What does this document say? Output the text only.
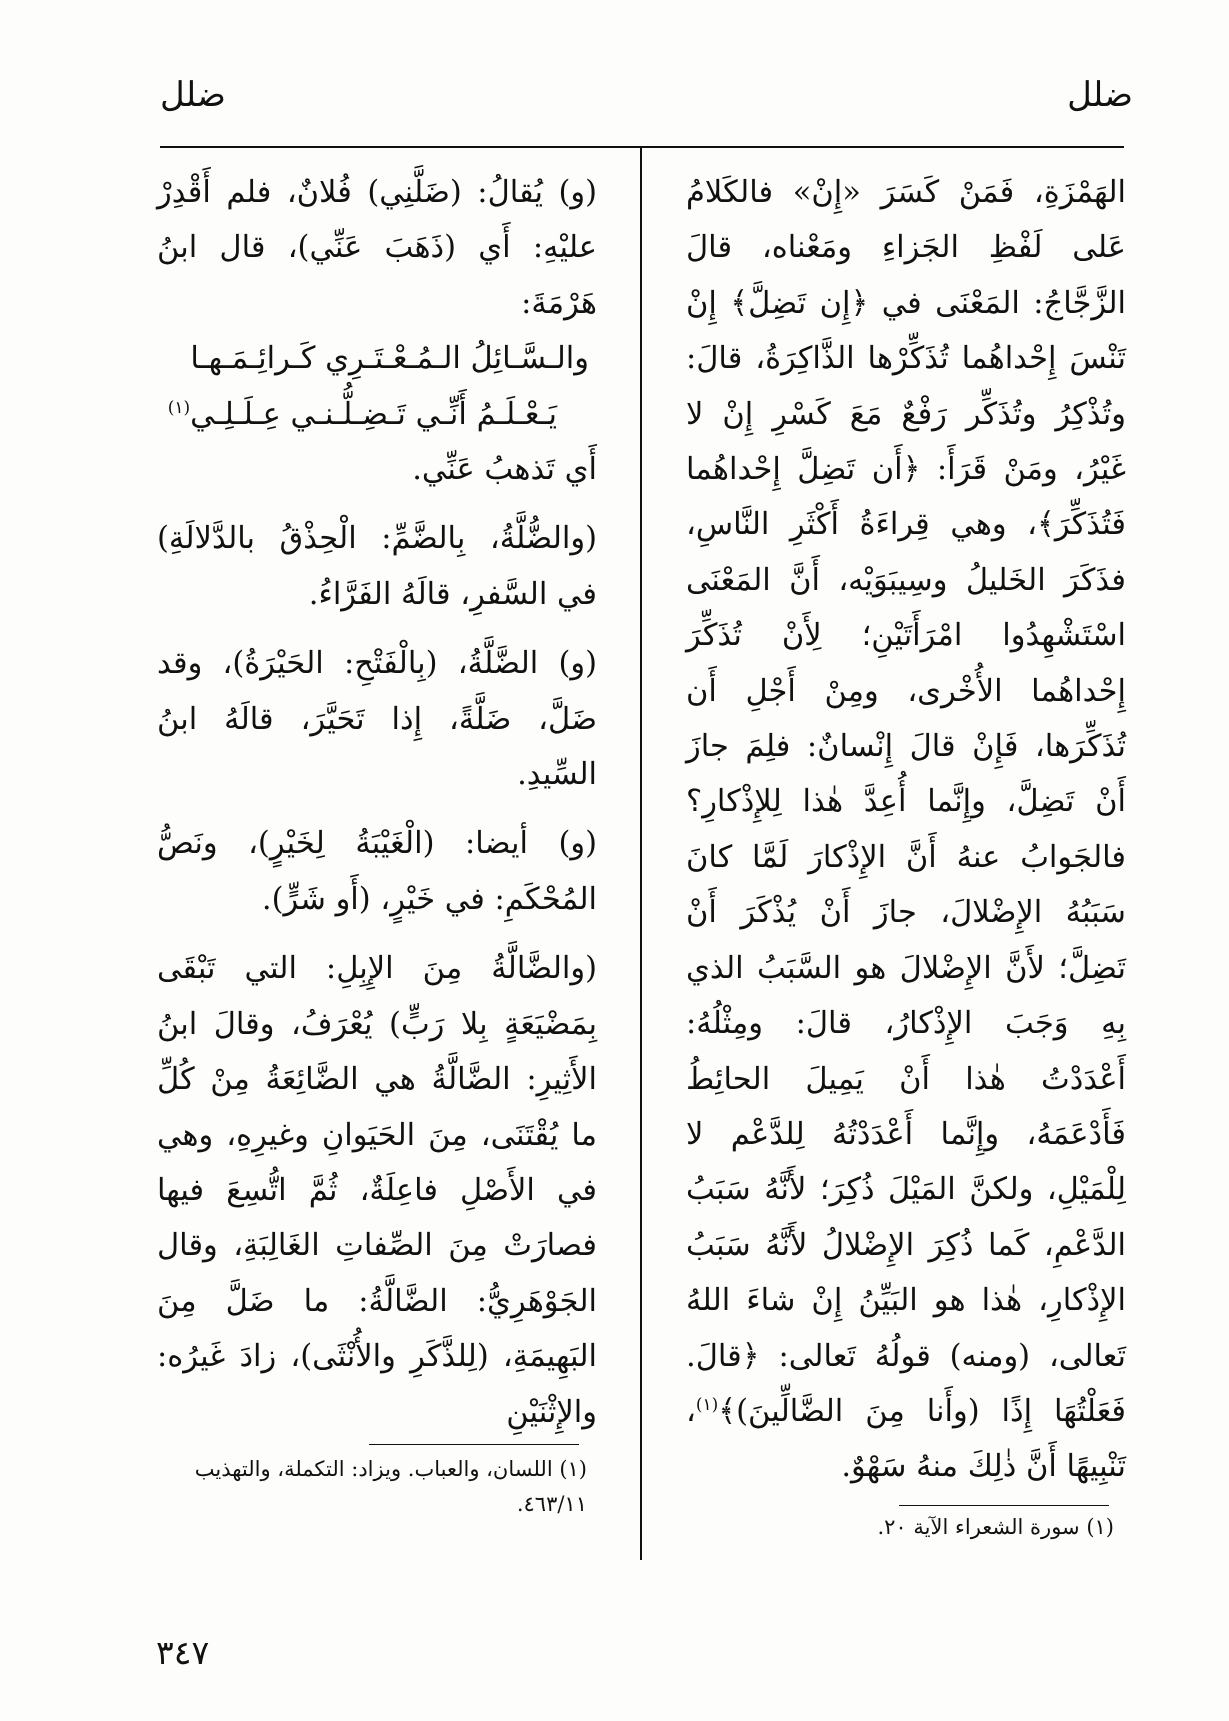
ضلل
ضلل

الهَمْزَةِ، فَمَنْ كَسَرَ «إِنْ» فالكَلامُ عَلى لَفْظِ الجَزاءِ ومَعْناه، قالَ الزَّجَّاجُ: المَعْنَى في ﴿إِن تَضِلَّ﴾ إِنْ تَنْسَ إِحْداهُما تُذَكِّرْها الذَّاكِرَةُ، قالَ: وتُذْكِرُ وتُذَكِّر رَفْعٌ مَعَ كَسْرِ إِنْ لا غَيْرُ، ومَنْ قَرَأَ: ﴿أَن تَضِلَّ إِحْداهُما فَتُذَكِّرَ﴾، وهي قِراءَةُ أَكْثَرِ النَّاسِ، فذَكَرَ الخَليلُ وسِيبَوَيْه، أَنَّ المَعْنَى اسْتَشْهِدُوا امْرَأَتَيْنِ؛ لِأَنْ تُذَكِّرَ إِحْداهُما الأُخْرى، ومِنْ أَجْلِ أَن تُذَكِّرَها، فَإِنْ قالَ إِنْسانٌ: فلِمَ جازَ أَنْ تَضِلَّ، وإِنَّما أُعِدَّ هٰذا لِلإِذْكارِ؟ فالجَوابُ عنهُ أَنَّ الإِذْكارَ لَمَّا كانَ سَبَبُهُ الإِضْلالَ، جازَ أَنْ يُذْكَرَ أَنْ تَضِلَّ؛ لأَنَّ الإِضْلالَ هو السَّبَبُ الذي بِهِ وَجَبَ الإِذْكارُ، قالَ: ومِثْلُهُ: أَعْدَدْتُ هٰذا أَنْ يَمِيلَ الحائِطُ فَأَدْعَمَهُ، وإِنَّما أَعْدَدْتُهُ لِلدَّعْم لا لِلْمَيْلِ، ولكنَّ المَيْلَ ذُكِرَ؛ لأَنَّهُ سَبَبُ الدَّعْمِ، كَما ذُكِرَ الإِضْلالُ لأَنَّهُ سَبَبُ الإِذْكارِ، هٰذا هو البَيِّنُ إِنْ شاءَ اللهُ تَعالى، (ومنه) قولُهُ تَعالى: ﴿قالَ. فَعَلْتُهَا إِذًا (وأَنا مِنَ الضَّالِّينَ)﴾$^{(١)}$، تَنْبِيهًا أَنَّ ذٰلِكَ منهُ سَهْوٌ.

(و) يُقالُ: (ضَلَّنِي) فُلانٌ، فلم أَقْدِرْ عليْهِ: أَي (ذَهَبَ عَنِّي)، قال ابنُ هَرْمَةَ:
والـسَّـائِلُ الـمُـعْـتَـرِي كَـرائِـمَـهـا
يَـعْـلَـمُ أَنِّـي تَـضِـلُّـنـي عِـلَـلِـي$^{(١)}$
أَي تَذهبُ عَنِّي.

(والضُّلَّةُ، بِالضَّمِّ: الْحِذْقُ بالدَّلالَةِ) في السَّفرِ، قالَهُ الفَرَّاءُ.

(و) الضَّلَّةُ، (بِالْفَتْحِ: الحَيْرَةُ)، وقد ضَلَّ، ضَلَّةً، إِذا تَحَيَّرَ، قالَهُ ابنُ السِّيدِ.

(و) أيضا: (الْغَيْبَةُ لِخَيْرٍ)، ونَصُّ المُحْكَمِ: في خَيْرٍ، (أَو شَرٍّ).

(والضَّالَّةُ مِنَ الإِبِلِ: التي تَبْقَى بِمَضْيَعَةٍ بِلا رَبٍّ) يُعْرَفُ، وقالَ ابنُ الأَثِيرِ: الضَّالَّةُ هي الضَّائِعَةُ مِنْ كُلِّ ما يُقْتَنَى، مِنَ الحَيَوانِ وغيرِهِ، وهي في الأَصْلِ فاعِلَةٌ، ثُمَّ اتُّسِعَ فيها فصارَتْ مِنَ الصِّفاتِ الغَالِبَةِ، وقال الجَوْهَرِيُّ: الضَّالَّةُ: ما ضَلَّ مِنَ البَهِيمَةِ، (لِلذَّكَرِ والأُنْثَى)، زادَ غَيرُه: والإِثْنَيْنِ

(١) سورة الشعراء الآية ٢٠.
(١) اللسان، والعباب. ويزاد: التكملة، والتهذيب ٤٦٣/١١.
٣٤٧
